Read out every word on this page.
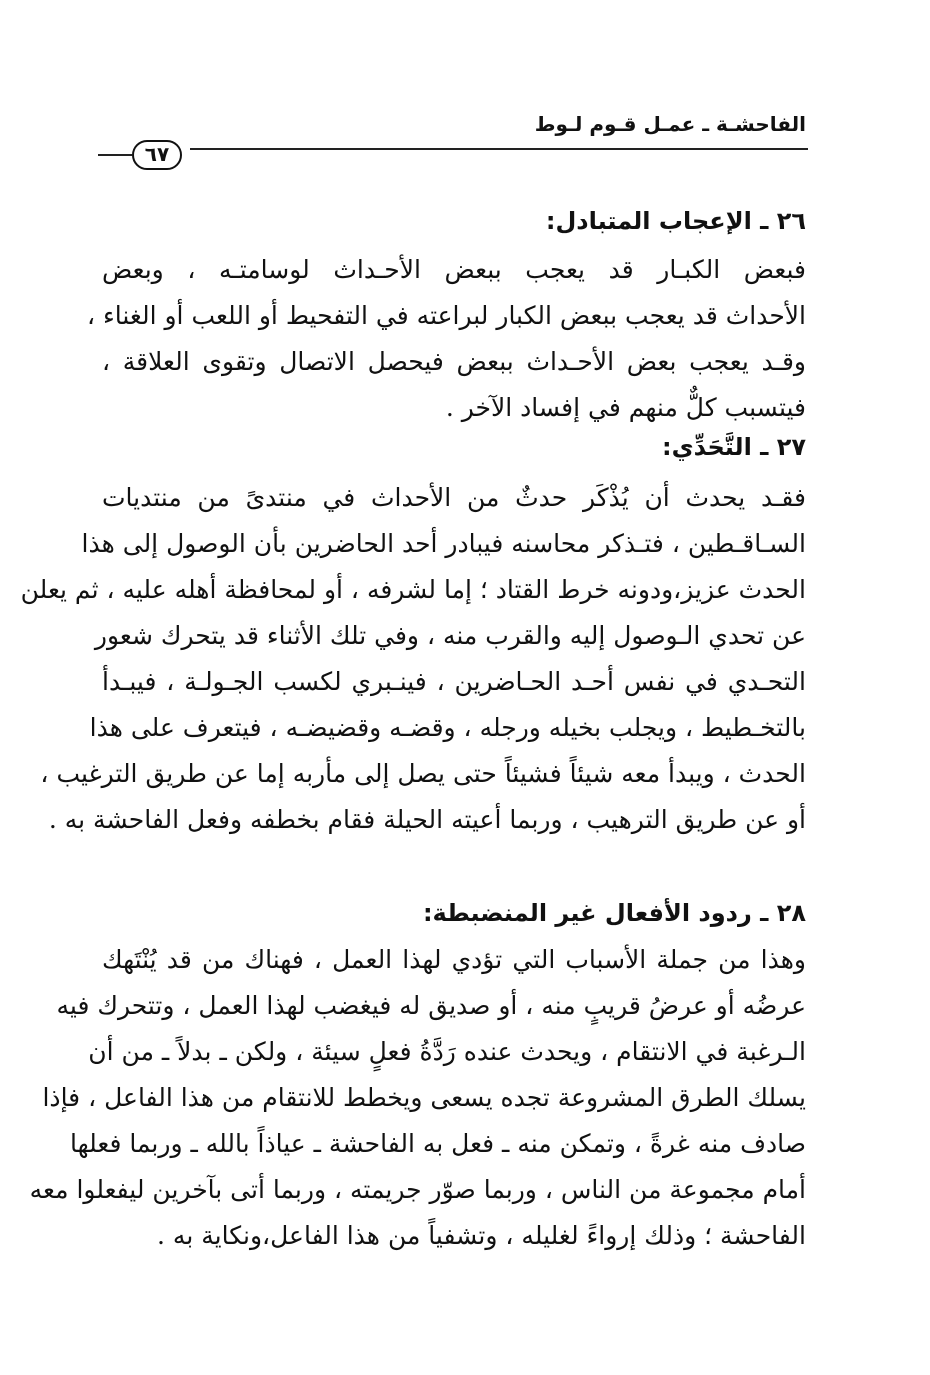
الفاحشـة ـ عمـل قـوم لـوط
٦٧
٢٦ ـ الإعجاب المتبادل:
فبعض الكبـار قد يعجب ببعض الأحـداث لوسامتـه ، وبعض
الأحداث قد يعجب ببعض الكبار لبراعته في التفحيط أو اللعب أو الغناء ،
وقـد يعجب بعض الأحـداث ببعض فيحصل الاتصال وتقوى العلاقة ،
فيتسبب كلٌّ منهم في إفساد الآخر .
٢٧ ـ التَّحَدِّي:
فقـد يحدث أن يُذْكَر حدثٌ من الأحداث في منتدىً من منتديات
السـاقـطين ، فتـذكر محاسنه فيبادر أحد الحاضرين بأن الوصول إلى هذا
الحدث عزيز،ودونه خرط القتاد ؛ إما لشرفه ، أو لمحافظة أهله عليه ، ثم يعلن
عن تحدي الـوصول إليه والقرب منه ، وفي تلك الأثناء قد يتحرك شعور
التحـدي في نفس أحـد الحـاضرين ، فينـبري لكسب الجـولـة ، فيبـدأ
بالتخـطيط ، ويجلب بخيله ورجله ، وقضـه وقضيضـه ، فيتعرف على هذا
الحدث ، ويبدأ معه شيئاً فشيئاً حتى يصل إلى مأربه إما عن طريق الترغيب ،
أو عن طريق الترهيب ، وربما أعيته الحيلة فقام بخطفه وفعل الفاحشة به .
٢٨ ـ ردود الأفعال غير المنضبطة:
وهذا من جملة الأسباب التي تؤدي لهذا العمل ، فهناك من قد يُنْتَهك
عرضُه أو عرضُ قريبٍ منه ، أو صديق له فيغضب لهذا العمل ، وتتحرك فيه
الـرغبة في الانتقام ، ويحدث عنده رَدَّةُ فعلٍ سيئة ، ولكن ـ بدلاً ـ من أن
يسلك الطرق المشروعة تجده يسعى ويخطط للانتقام من هذا الفاعل ، فإذا
صادف منه غرةً ، وتمكن منه ـ فعل به الفاحشة ـ عياذاً بالله ـ وربما فعلها
أمام مجموعة من الناس ، وربما صوّر جريمته ، وربما أتى بآخرين ليفعلوا معه
الفاحشة ؛ وذلك إرواءً لغليله ، وتشفياً من هذا الفاعل،ونكاية به .
